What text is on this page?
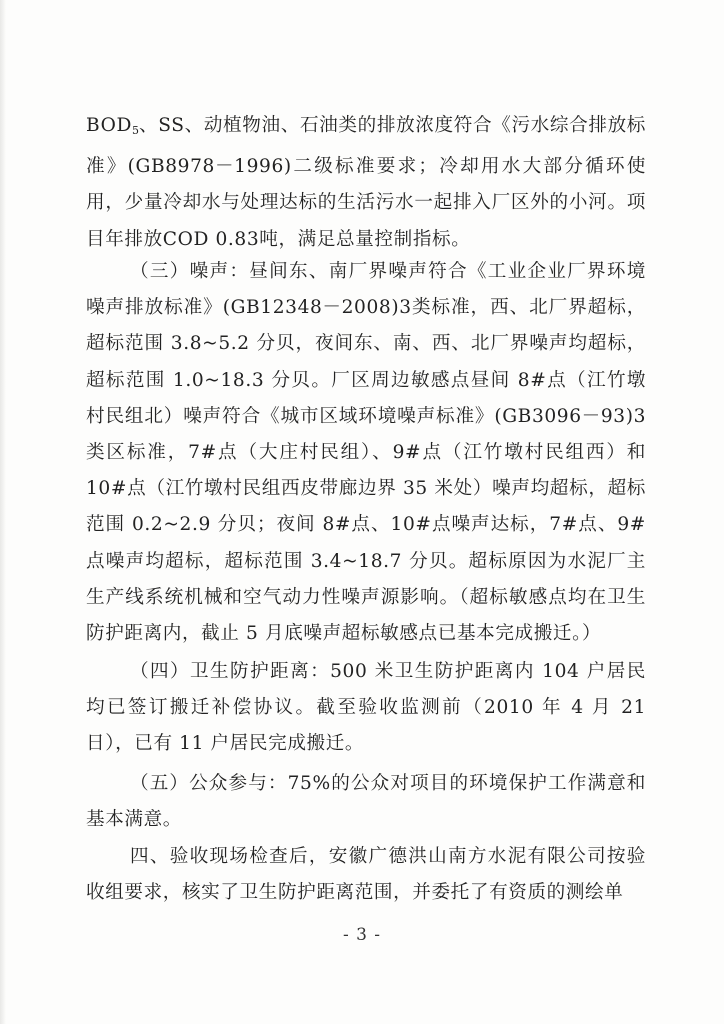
$BOD_5$、SS、动植物油、石油类的排放浓度符合《污水综合排放标准》(GB8978－1996)二级标准要求；冷却用水大部分循环使用，少量冷却水与处理达标的生活污水一起排入厂区外的小河。项目年排放COD 0.83吨，满足总量控制指标。

（三）噪声：昼间东、南厂界噪声符合《工业企业厂界环境噪声排放标准》(GB12348－2008)3类标准，西、北厂界超标，超标范围 3.8~5.2 分贝，夜间东、南、西、北厂界噪声均超标，超标范围 1.0~18.3 分贝。厂区周边敏感点昼间 8#点（江竹墩村民组北）噪声符合《城市区域环境噪声标准》(GB3096－93)3 类区标准，7#点（大庄村民组）、9#点（江竹墩村民组西）和 10#点（江竹墩村民组西皮带廊边界 35 米处）噪声均超标，超标范围 0.2~2.9 分贝；夜间 8#点、10#点噪声达标，7#点、9#点噪声均超标，超标范围 3.4~18.7 分贝。超标原因为水泥厂主生产线系统机械和空气动力性噪声源影响。（超标敏感点均在卫生防护距离内，截止 5 月底噪声超标敏感点已基本完成搬迁。）

（四）卫生防护距离：500 米卫生防护距离内 104 户居民均已签订搬迁补偿协议。截至验收监测前（2010 年 4 月 21 日），已有 11 户居民完成搬迁。

（五）公众参与：75%的公众对项目的环境保护工作满意和基本满意。

四、验收现场检查后，安徽广德洪山南方水泥有限公司按验收组要求，核实了卫生防护距离范围，并委托了有资质的测绘单

- 3 -
